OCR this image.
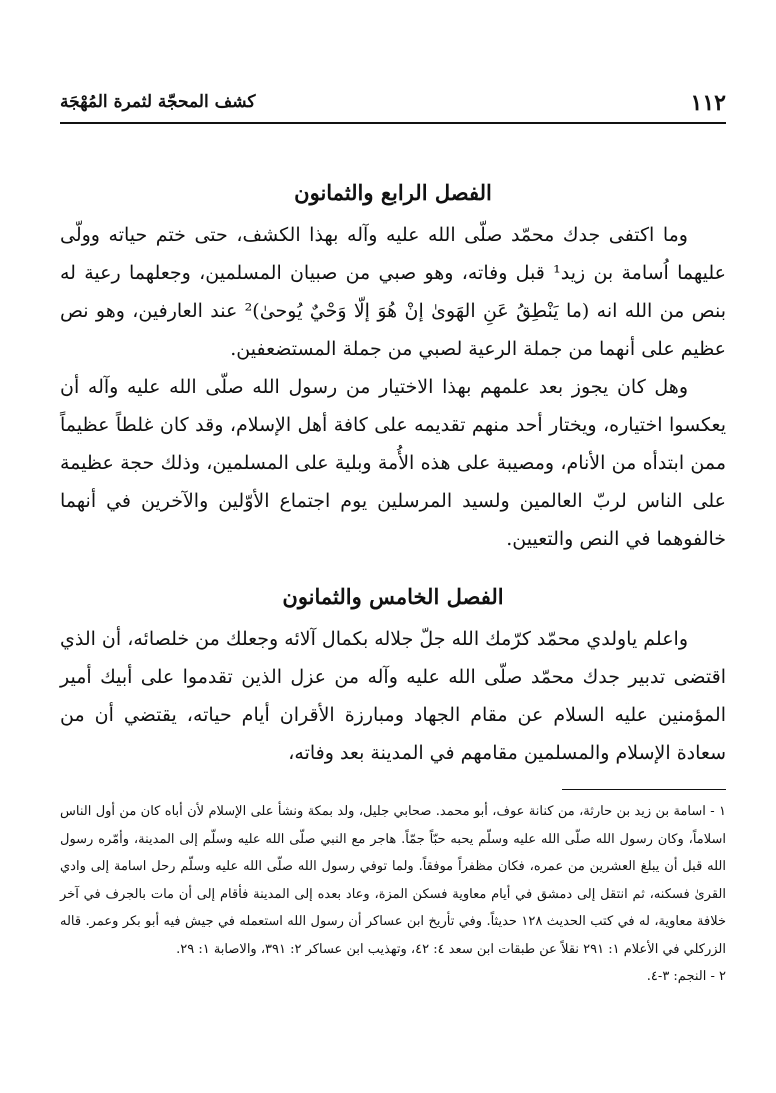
١١٢
كشف المحجّة لثمرة المُهْجَة
الفصل الرابع والثمانون

وما اكتفى جدك محمّد صلّى الله عليه وآله بهذا الكشف، حتى ختم حياته وولّى عليهما اُسامة بن زيد¹ قبل وفاته، وهو صبي من صبيان المسلمين، وجعلهما رعية له بنص من الله انه (ما يَنْطِقُ عَنِ الهَوىٰ إنْ هُوَ إلّا وَحْيٌ يُوحىٰ)² عند العارفين، وهو نص عظيم على أنهما من جملة الرعية لصبي من جملة المستضعفين.

وهل كان يجوز بعد علمهم بهذا الاختيار من رسول الله صلّى الله عليه وآله أن يعكسوا اختياره، ويختار أحد منهم تقديمه على كافة أهل الإسلام، وقد كان غلطاً عظيماً ممن ابتدأه من الأنام، ومصيبة على هذه الأُمة وبلية على المسلمين، وذلك حجة عظيمة على الناس لربّ العالمين ولسيد المرسلين يوم اجتماع الأوّلين والآخرين في أنهما خالفوهما في النص والتعيين.

الفصل الخامس والثمانون

واعلم ياولدي محمّد كرّمك الله جلّ جلاله بكمال آلائه وجعلك من خلصائه، أن الذي اقتضى تدبير جدك محمّد صلّى الله عليه وآله من عزل الذين تقدموا على أبيك أمير المؤمنين عليه السلام عن مقام الجهاد ومبارزة الأقران أيام حياته، يقتضي أن من سعادة الإسلام والمسلمين مقامهم في المدينة بعد وفاته،

١ - اسامة بن زيد بن حارثة، من كنانة عوف، أبو محمد. صحابي جليل، ولد بمكة ونشأ على الإسلام لأن أباه كان من أول الناس اسلاماً، وكان رسول الله صلّى الله عليه وسلّم يحبه حبّاً جمّاً. هاجر مع النبي صلّى الله عليه وسلّم إلى المدينة، وأمّره رسول الله قبل أن يبلغ العشرين من عمره، فكان مظفراً موفقاً. ولما توفي رسول الله صلّى الله عليه وسلّم رحل اسامة إلى وادي القرىٰ فسكنه، ثم انتقل إلى دمشق في أيام معاوية فسكن المزة، وعاد بعده إلى المدينة فأقام إلى أن مات بالجرف في آخر خلافة معاوية، له في كتب الحديث ١٢٨ حديثاً. وفي تأريخ ابن عساكر أن رسول الله استعمله في جيش فيه أبو بكر وعمر. قاله الزركلي في الأعلام ١: ٢٩١ نقلاً عن طبقات ابن سعد ٤: ٤٢، وتهذيب ابن عساكر ٢: ٣٩١، والاصابة ١: ٢٩.

٢ - النجم: ٣-٤.
